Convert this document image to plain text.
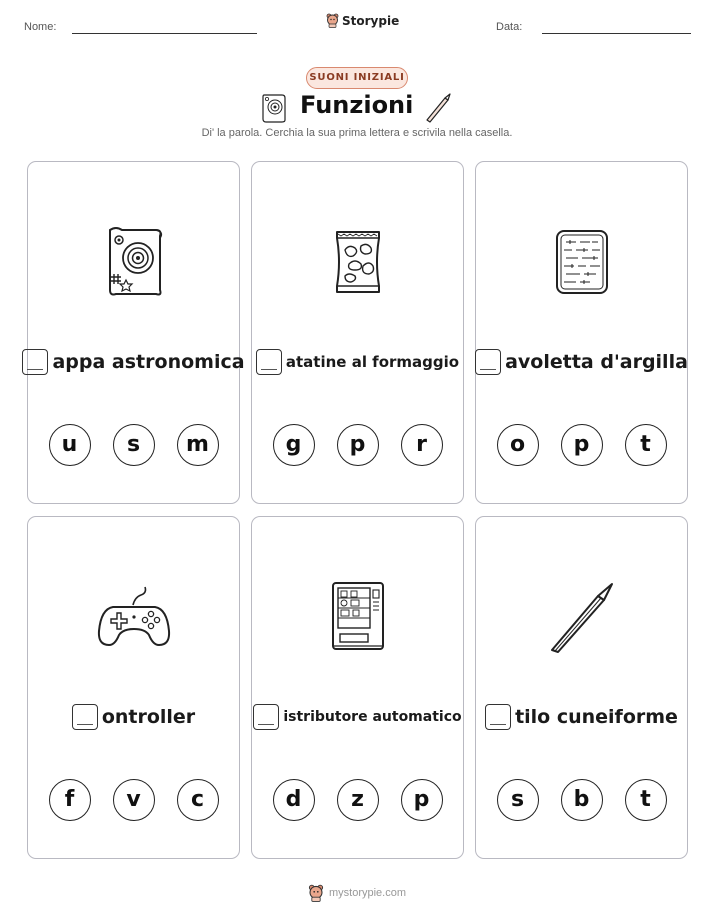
Nome:	Storypie	Data:
SUONI INIZIALI
Funzioni
Di' la parola. Cerchia la sua prima lettera e scrivila nella casella.
appa astronomica
u	s	m
atatine al formaggio
g	p	r
avoletta d'argilla
o	p	t
ontroller
f	v	c
istributore automatico
d	z	p
tilo cuneiforme
s	b	t
mystorypie.com
